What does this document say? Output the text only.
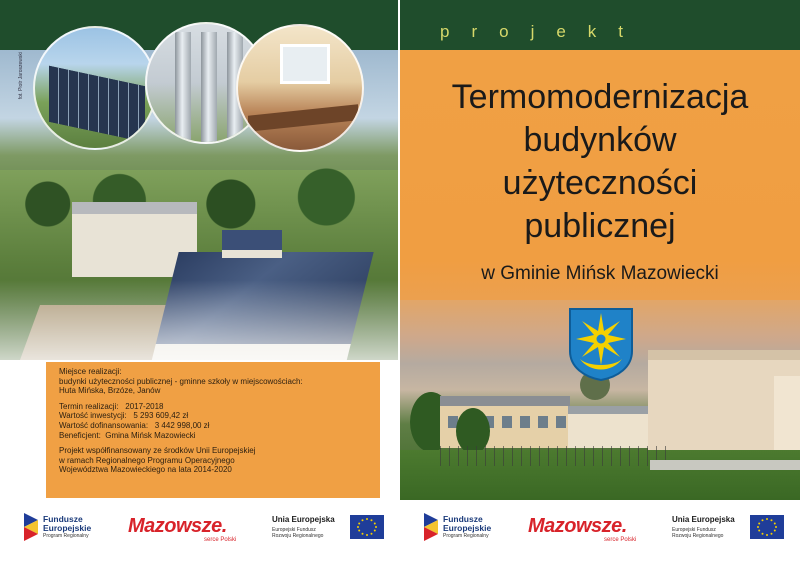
fot. Piotr Jaroszewski

Miejsce realizacji:

budynki użyteczności publicznej - gminne szkoły w miejscowościach:

Huta Mińska, Brzóze, Janów

Termin realizacji:   2017-2018
Wartość inwestycji:   5 293 609,42 zł
Wartość dofinansowania:   3 442 998,00 zł
Beneficjent:  Gmina Mińsk Mazowiecki

Projekt współfinansowany ze środków Unii Europejskiej

w ramach Regionalnego Programu Operacyjnego

Województwa Mazowieckiego na lata 2014-2020

Fundusze
Europejskie
Program Regionalny Mazowsze.
serce Polski
Unia Europejska
Europejski Fundusz
Rozwoju Regionalnego
projekt
Termomodernizacja
budynków
użyteczności
publicznej
w Gminie Mińsk Mazowiecki
Fundusze
Europejskie
Program Regionalny Mazowsze.
serce Polski
Unia Europejska
Europejski Fundusz
Rozwoju Regionalnego
